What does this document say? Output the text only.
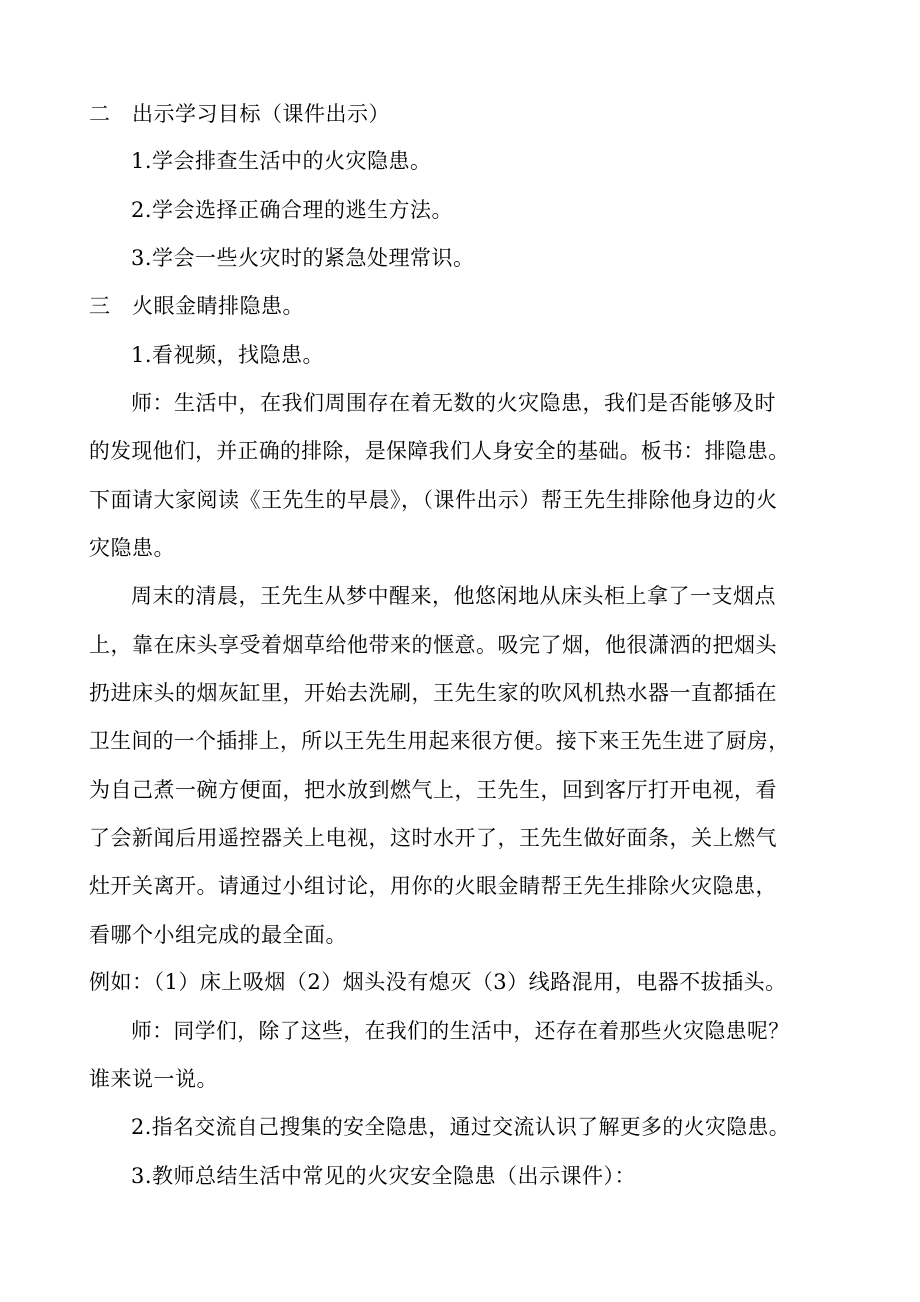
二　出示学习目标（课件出示）
1.学会排查生活中的火灾隐患。
2.学会选择正确合理的逃生方法。
3.学会一些火灾时的紧急处理常识。
三　火眼金睛排隐患。
1.看视频，找隐患。
师：生活中，在我们周围存在着无数的火灾隐患，我们是否能够及时
的发现他们，并正确的排除，是保障我们人身安全的基础。板书：排隐患。
下面请大家阅读《王先生的早晨》，（课件出示）帮王先生排除他身边的火
灾隐患。
周末的清晨，王先生从梦中醒来，他悠闲地从床头柜上拿了一支烟点
上，靠在床头享受着烟草给他带来的惬意。吸完了烟，他很潇洒的把烟头
扔进床头的烟灰缸里，开始去洗刷，王先生家的吹风机热水器一直都插在
卫生间的一个插排上，所以王先生用起来很方便。接下来王先生进了厨房，
为自己煮一碗方便面，把水放到燃气上，王先生，回到客厅打开电视，看
了会新闻后用遥控器关上电视，这时水开了，王先生做好面条，关上燃气
灶开关离开。请通过小组讨论，用你的火眼金睛帮王先生排除火灾隐患，
看哪个小组完成的最全面。
例如：（1）床上吸烟（2）烟头没有熄灭（3）线路混用，电器不拔插头。
师：同学们，除了这些，在我们的生活中，还存在着那些火灾隐患呢？
谁来说一说。
2.指名交流自己搜集的安全隐患，通过交流认识了解更多的火灾隐患。
3.教师总结生活中常见的火灾安全隐患（出示课件）：
